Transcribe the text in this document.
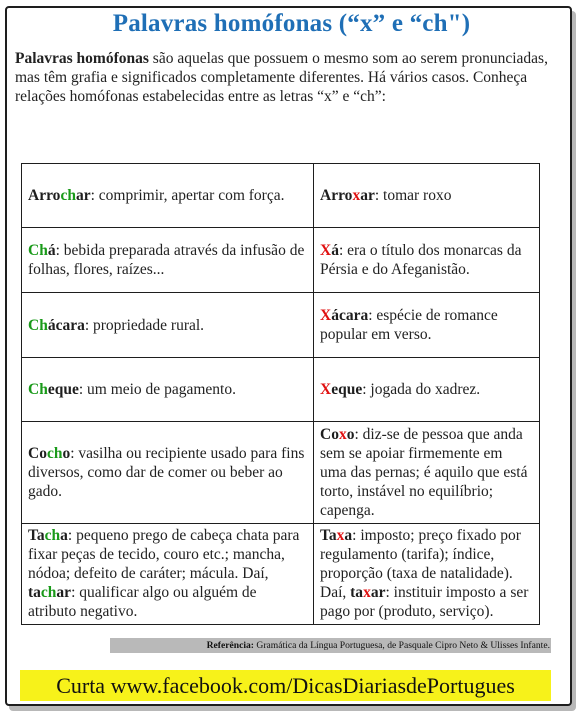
Palavras homófonas (“x” e “ch")
Palavras homófonas são aquelas que possuem o mesmo som ao serem pronunciadas, mas têm grafia e significados completamente diferentes. Há vários casos. Conheça relações homófonas estabelecidas entre as letras “x” e “ch”:
Arrochar: comprimir, apertar com força.	Arroxar: tomar roxo
Chá: bebida preparada através da infusão de folhas, flores, raízes...	Xá: era o título dos monarcas da Pérsia e do Afeganistão.
Chácara: propriedade rural.	Xácara: espécie de romance popular em verso.
Cheque: um meio de pagamento.	Xeque: jogada do xadrez.
Cocho: vasilha ou recipiente usado para fins diversos, como dar de comer ou beber ao gado.	Coxo: diz-se de pessoa que anda sem se apoiar firmemente em uma das pernas; é aquilo que está torto, instável no equilíbrio; capenga.
Tacha: pequeno prego de cabeça chata para fixar peças de tecido, couro etc.; mancha, nódoa; defeito de caráter; mácula. Daí, tachar: qualificar algo ou alguém de atributo negativo.	Taxa: imposto; preço fixado por regulamento (tarifa); índice, proporção (taxa de natalidade). Daí, taxar: instituir imposto a ser pago por (produto, serviço).
Referência: Gramática da Língua Portuguesa, de Pasquale Cipro Neto & Ulisses Infante.
Curta www.facebook.com/DicasDiariasdePortugues
